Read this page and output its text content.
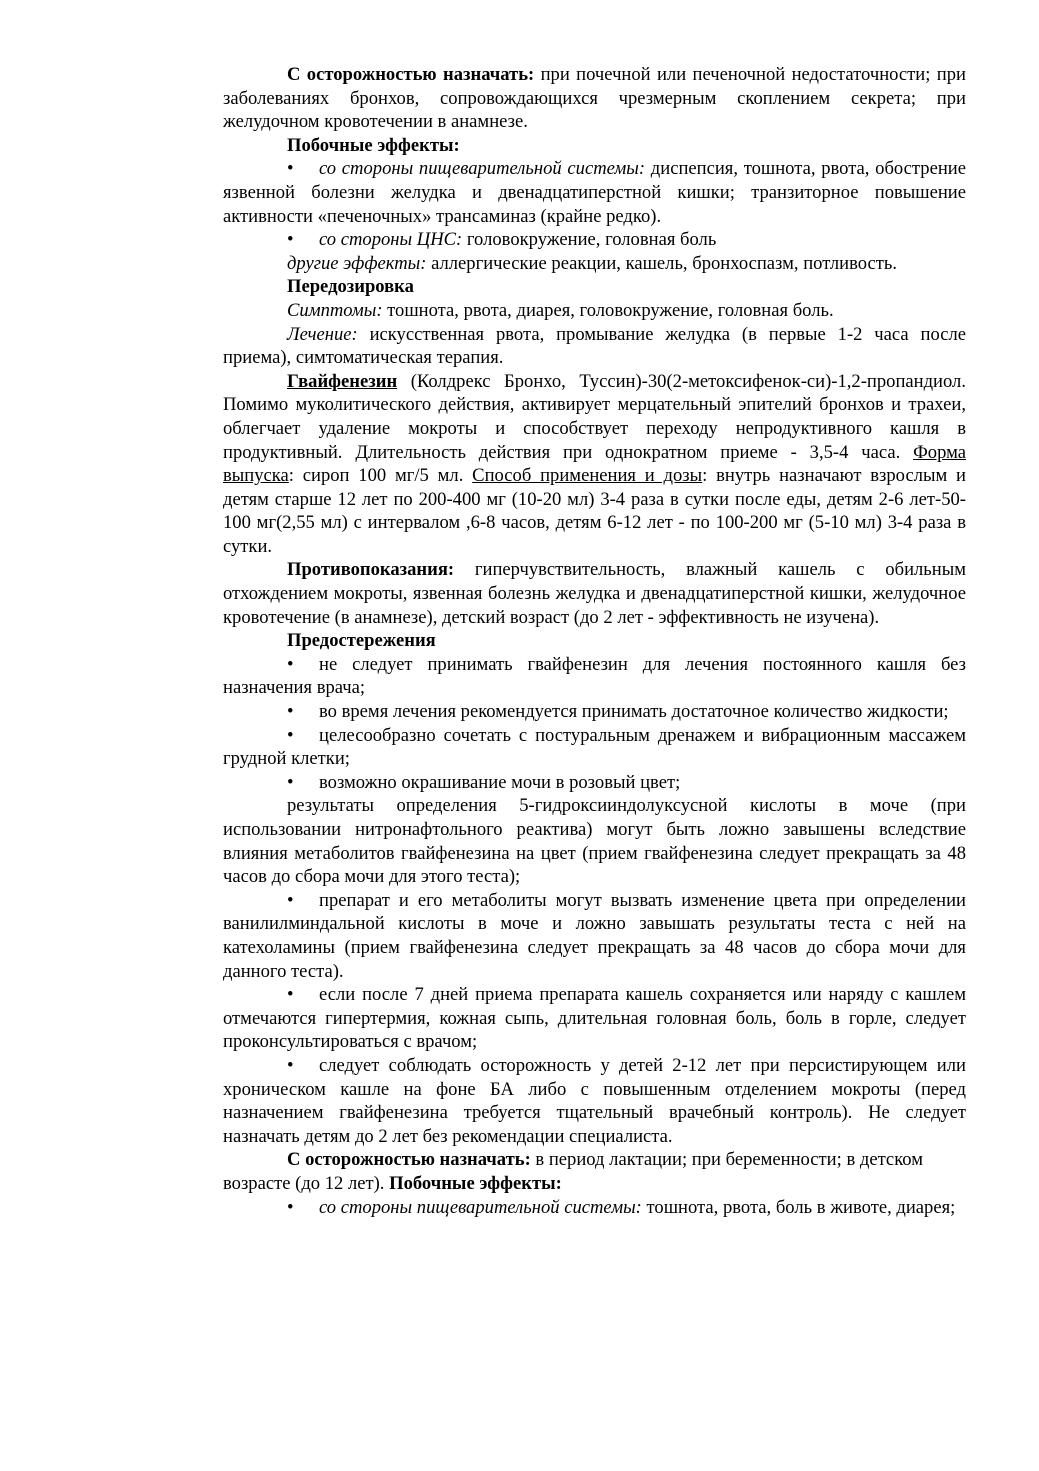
С осторожностью назначать: при почечной или печеночной недостаточности; при заболеваниях бронхов, сопровождающихся чрезмерным скоплением секрета; при желудочном кровотечении в анамнезе.

Побочные эффекты:

• со стороны пищеварительной системы: диспепсия, тошнота, рвота, обострение язвенной болезни желудка и двенадцатиперстной кишки; транзиторное повышение активности «печеночных» трансаминаз (крайне редко).

• со стороны ЦНС: головокружение, головная боль

другие эффекты: аллергические реакции, кашель, бронхоспазм, потливость.

Передозировка

Симптомы: тошнота, рвота, диарея, головокружение, головная боль.

Лечение: искусственная рвота, промывание желудка (в первые 1-2 часа после приема), симтоматическая терапия.

Гвайфенезин (Колдрекс Бронхо, Туссин)-30(2-метоксифенок-си)-1,2-пропандиол. Помимо муколитического действия, активирует мерцательный эпителий бронхов и трахеи, облегчает удаление мокроты и способствует переходу непродуктивного кашля в продуктивный. Длительность действия при однократном приеме - 3,5-4 часа. Форма выпуска: сироп 100 мг/5 мл. Способ применения и дозы: внутрь назначают взрослым и детям старше 12 лет по 200-400 мг (10-20 мл) 3-4 раза в сутки после еды, детям 2-6 лет-50-100 мг(2,55 мл) с интервалом ,6-8 часов, детям 6-12 лет - по 100-200 мг (5-10 мл) 3-4 раза в сутки.

Противопоказания: гиперчувствительность, влажный кашель с обильным отхождением мокроты, язвенная болезнь желудка и двенадцатиперстной кишки, желудочное кровотечение (в анамнезе), детский возраст (до 2 лет - эффективность не изучена).

Предостережения

• не следует принимать гвайфенезин для лечения постоянного кашля без назначения врача;

• во время лечения рекомендуется принимать достаточное количество жидкости;

• целесообразно сочетать с постуральным дренажем и вибрационным массажем грудной клетки;

• возможно окрашивание мочи в розовый цвет;

результаты определения 5-гидроксииндолуксусной кислоты в моче (при использовании нитронафтольного реактива) могут быть ложно завышены вследствие влияния метаболитов гвайфенезина на цвет (прием гвайфенезина следует прекращать за 48 часов до сбора мочи для этого теста);

• препарат и его метаболиты могут вызвать изменение цвета при определении ванилилминдальной кислоты в моче и ложно завышать результаты теста с ней на катехоламины (прием гвайфенезина следует прекращать за 48 часов до сбора мочи для данного теста).

• если после 7 дней приема препарата кашель сохраняется или наряду с кашлем отмечаются гипертермия, кожная сыпь, длительная головная боль, боль в горле, следует проконсультироваться с врачом;

• следует соблюдать осторожность у детей 2-12 лет при персистирующем или хроническом кашле на фоне БА либо с повышенным отделением мокроты (перед назначением гвайфенезина требуется тщательный врачебный контроль). Не следует назначать детям до 2 лет без рекомендации специалиста.

С осторожностью назначать: в период лактации; при беременности; в детском возрасте (до 12 лет). Побочные эффекты:

• со стороны пищеварительной системы: тошнота, рвота, боль в животе, диарея;
